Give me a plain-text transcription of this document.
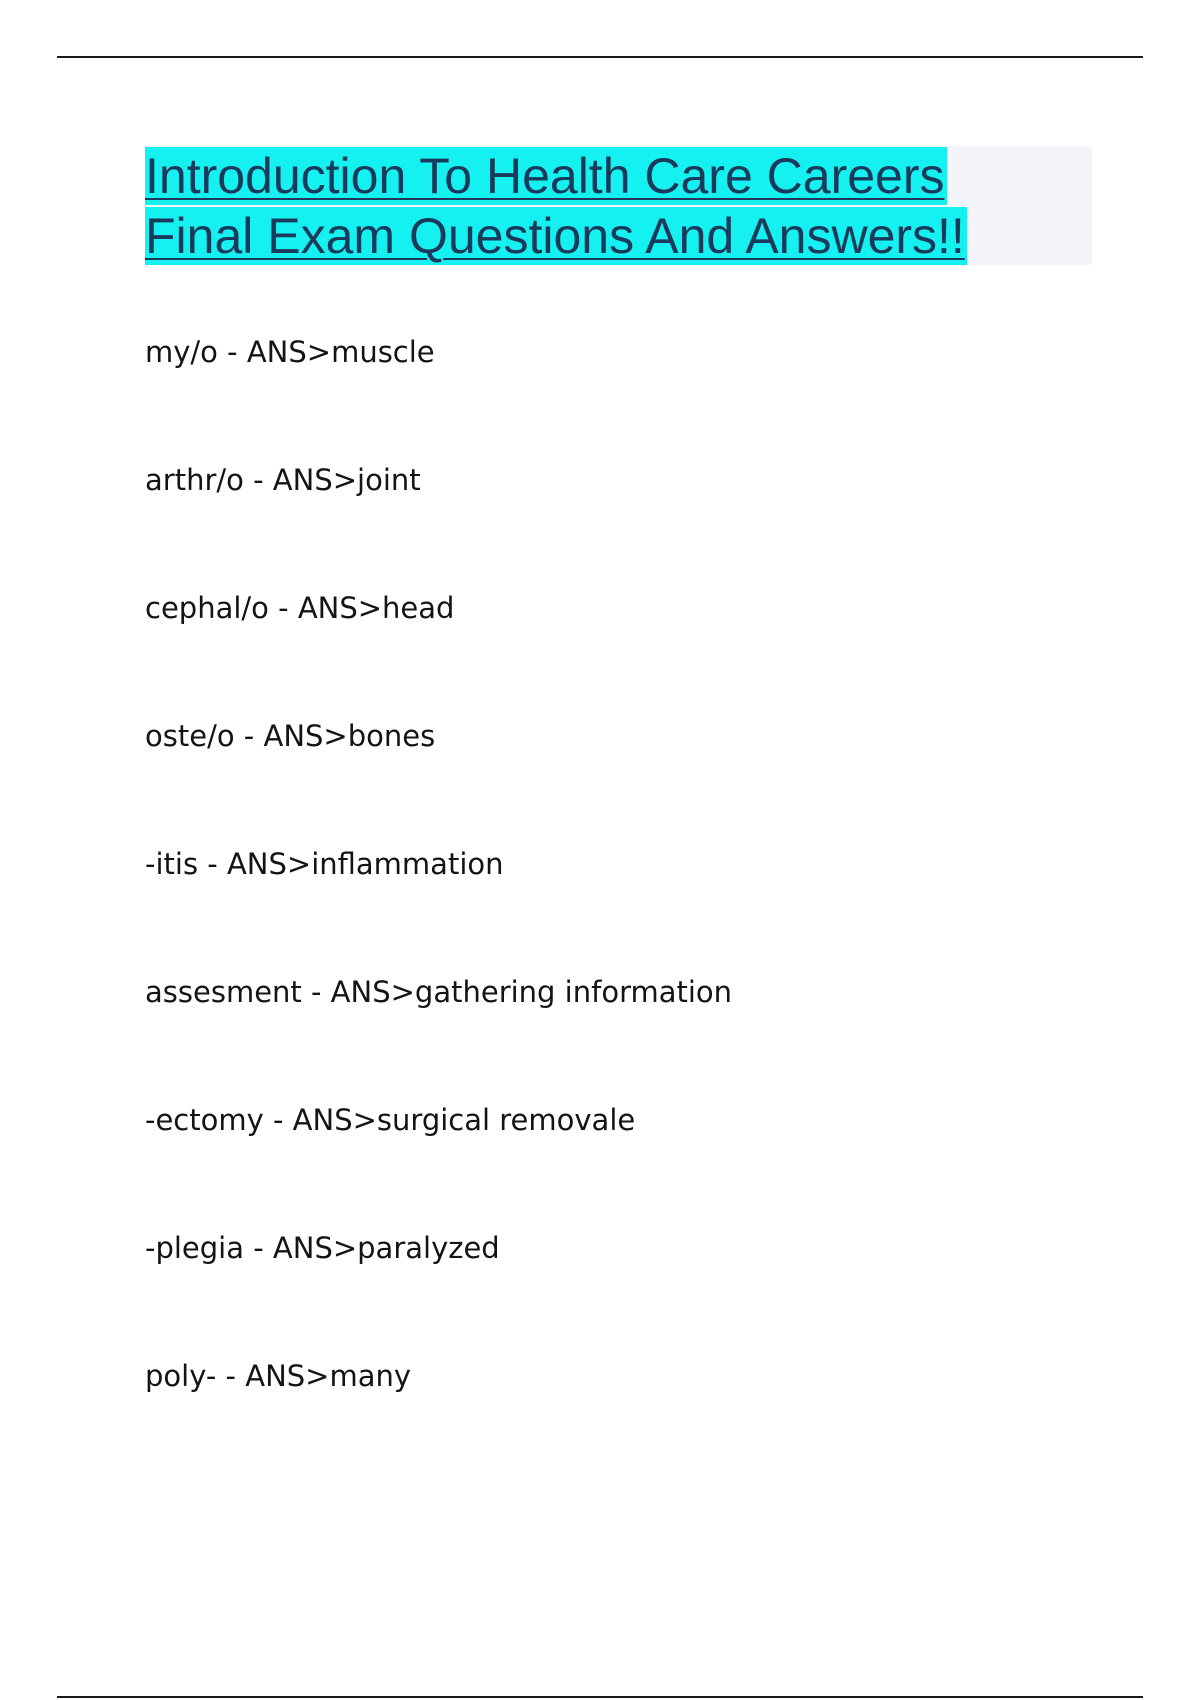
Introduction To Health Care Careers
Final Exam Questions And Answers!!
my/o - ANS>muscle
arthr/o - ANS>joint
cephal/o - ANS>head
oste/o - ANS>bones
-itis - ANS>inflammation
assesment - ANS>gathering information
-ectomy - ANS>surgical removale
-plegia - ANS>paralyzed
poly- - ANS>many
